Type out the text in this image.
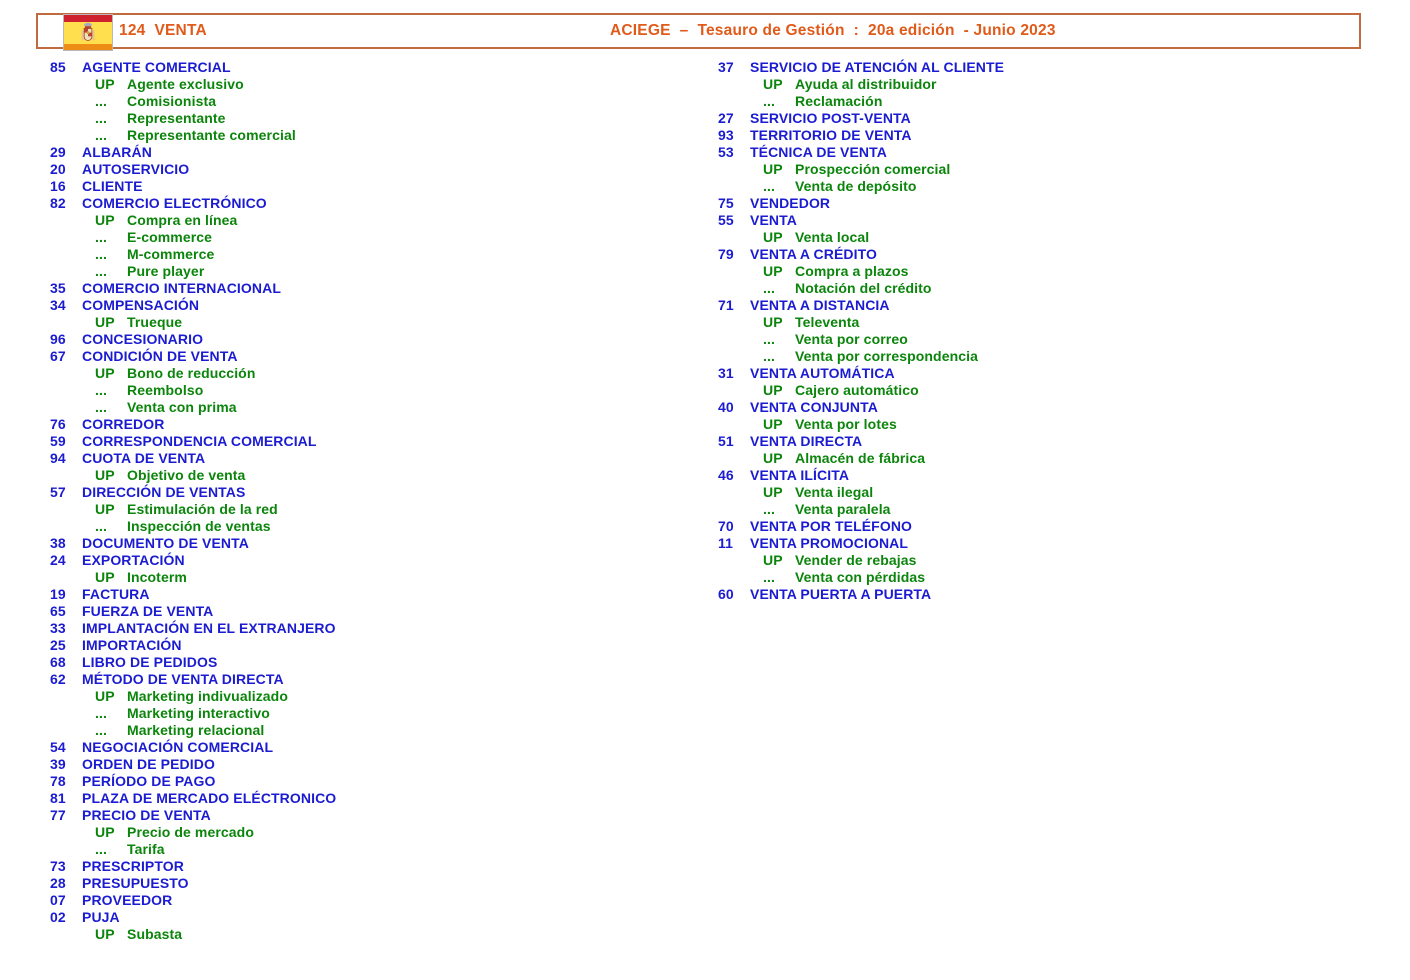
124 VENTA	ACIEGE  –  Tesauro de Gestión  :  20a edición  - Junio 2023
85 AGENTE COMERCIAL
UP Agente exclusivo
... Comisionista
... Representante
... Representante comercial
29 ALBARÁN
20 AUTOSERVICIO
16 CLIENTE
82 COMERCIO ELECTRÓNICO
UP Compra en línea
... E-commerce
... M-commerce
... Pure player
35 COMERCIO INTERNACIONAL
34 COMPENSACIÓN
UP Trueque
96 CONCESIONARIO
67 CONDICIÓN DE VENTA
UP Bono de reducción
... Reembolso
... Venta con prima
76 CORREDOR
59 CORRESPONDENCIA COMERCIAL
94 CUOTA DE VENTA
UP Objetivo de venta
57 DIRECCIÓN DE VENTAS
UP Estimulación de la red
... Inspección de ventas
38 DOCUMENTO DE VENTA
24 EXPORTACIÓN
UP Incoterm
19 FACTURA
65 FUERZA DE VENTA
33 IMPLANTACIÓN EN EL EXTRANJERO
25 IMPORTACIÓN
68 LIBRO DE PEDIDOS
62 MÉTODO DE VENTA DIRECTA
UP Marketing indivualizado
... Marketing interactivo
... Marketing relacional
54 NEGOCIACIÓN COMERCIAL
39 ORDEN DE PEDIDO
78 PERÍODO DE PAGO
81 PLAZA DE MERCADO ELÉCTRONICO
77 PRECIO DE VENTA
UP Precio de mercado
... Tarifa
73 PRESCRIPTOR
28 PRESUPUESTO
07 PROVEEDOR
02 PUJA
UP Subasta
37 SERVICIO DE ATENCIÓN AL CLIENTE
UP Ayuda al distribuidor
... Reclamación
27 SERVICIO POST-VENTA
93 TERRITORIO DE VENTA
53 TÉCNICA DE VENTA
UP Prospección comercial
... Venta de depósito
75 VENDEDOR
55 VENTA
UP Venta local
79 VENTA A CRÉDITO
UP Compra a plazos
... Notación del crédito
71 VENTA A DISTANCIA
UP Televenta
... Venta por correo
... Venta por correspondencia
31 VENTA AUTOMÁTICA
UP Cajero automático
40 VENTA CONJUNTA
UP Venta por lotes
51 VENTA DIRECTA
UP Almacén de fábrica
46 VENTA ILÍCITA
UP Venta ilegal
... Venta paralela
70 VENTA POR TELÉFONO
11 VENTA PROMOCIONAL
UP Vender de rebajas
... Venta con pérdidas
60 VENTA PUERTA A PUERTA
